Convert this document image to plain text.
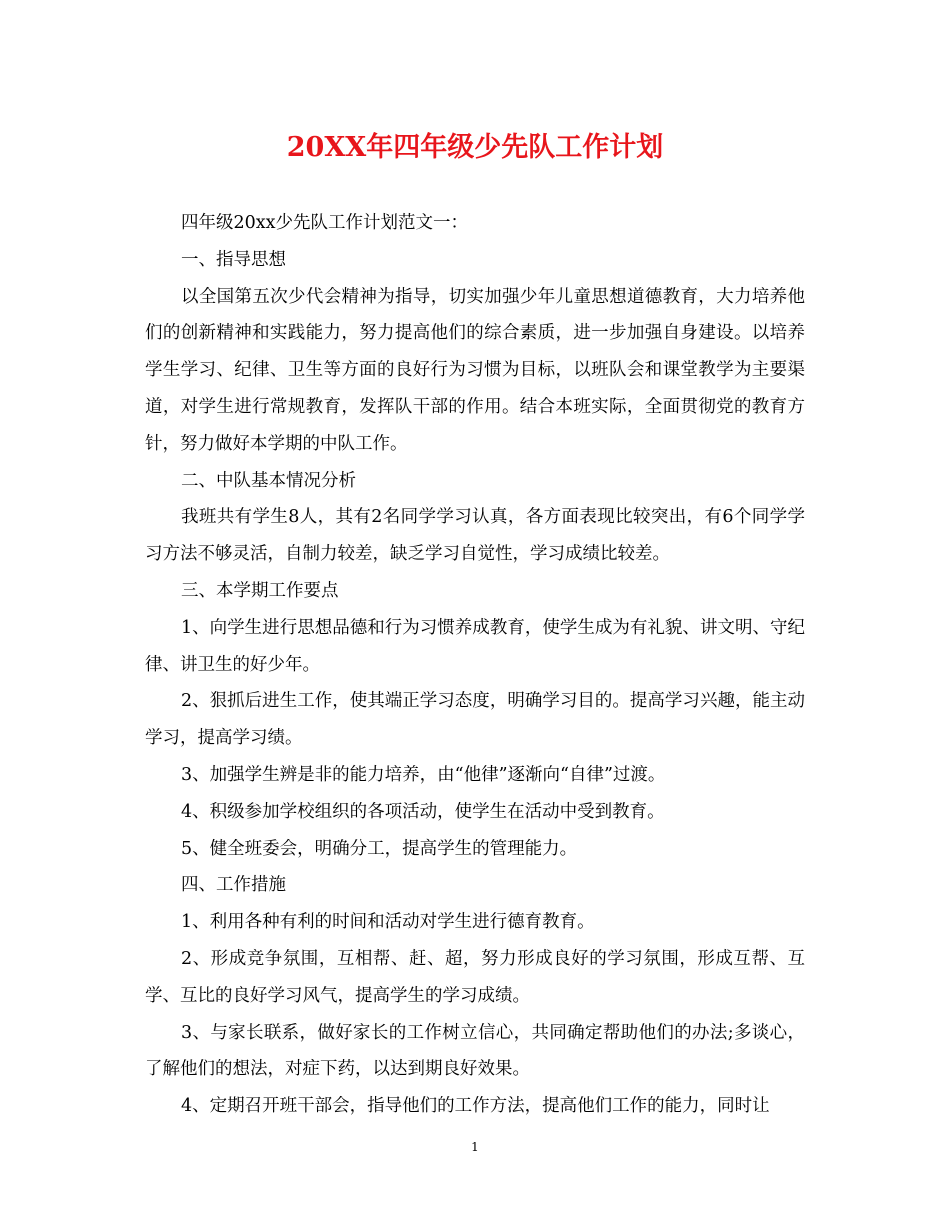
20XX年四年级少先队工作计划

四年级20xx少先队工作计划范文一：

一、指导思想

以全国第五次少代会精神为指导，切实加强少年儿童思想道德教育，大力培养他们的创新精神和实践能力，努力提高他们的综合素质，进一步加强自身建设。以培养学生学习、纪律、卫生等方面的良好行为习惯为目标，以班队会和课堂教学为主要渠道，对学生进行常规教育，发挥队干部的作用。结合本班实际，全面贯彻党的教育方针，努力做好本学期的中队工作。

二、中队基本情况分析

我班共有学生8人，其有2名同学学习认真，各方面表现比较突出，有6个同学学习方法不够灵活，自制力较差，缺乏学习自觉性，学习成绩比较差。

三、本学期工作要点

1、向学生进行思想品德和行为习惯养成教育，使学生成为有礼貌、讲文明、守纪律、讲卫生的好少年。

2、狠抓后进生工作，使其端正学习态度，明确学习目的。提高学习兴趣，能主动学习，提高学习绩。

3、加强学生辨是非的能力培养，由“他律”逐渐向“自律”过渡。

4、积级参加学校组织的各项活动，使学生在活动中受到教育。

5、健全班委会，明确分工，提高学生的管理能力。

四、工作措施

1、利用各种有利的时间和活动对学生进行德育教育。

2、形成竞争氛围，互相帮、赶、超，努力形成良好的学习氛围，形成互帮、互学、互比的良好学习风气，提高学生的学习成绩。

3、与家长联系，做好家长的工作树立信心，共同确定帮助他们的办法;多谈心，了解他们的想法，对症下药，以达到期良好效果。

4、定期召开班干部会，指导他们的工作方法，提高他们工作的能力，同时让

1
